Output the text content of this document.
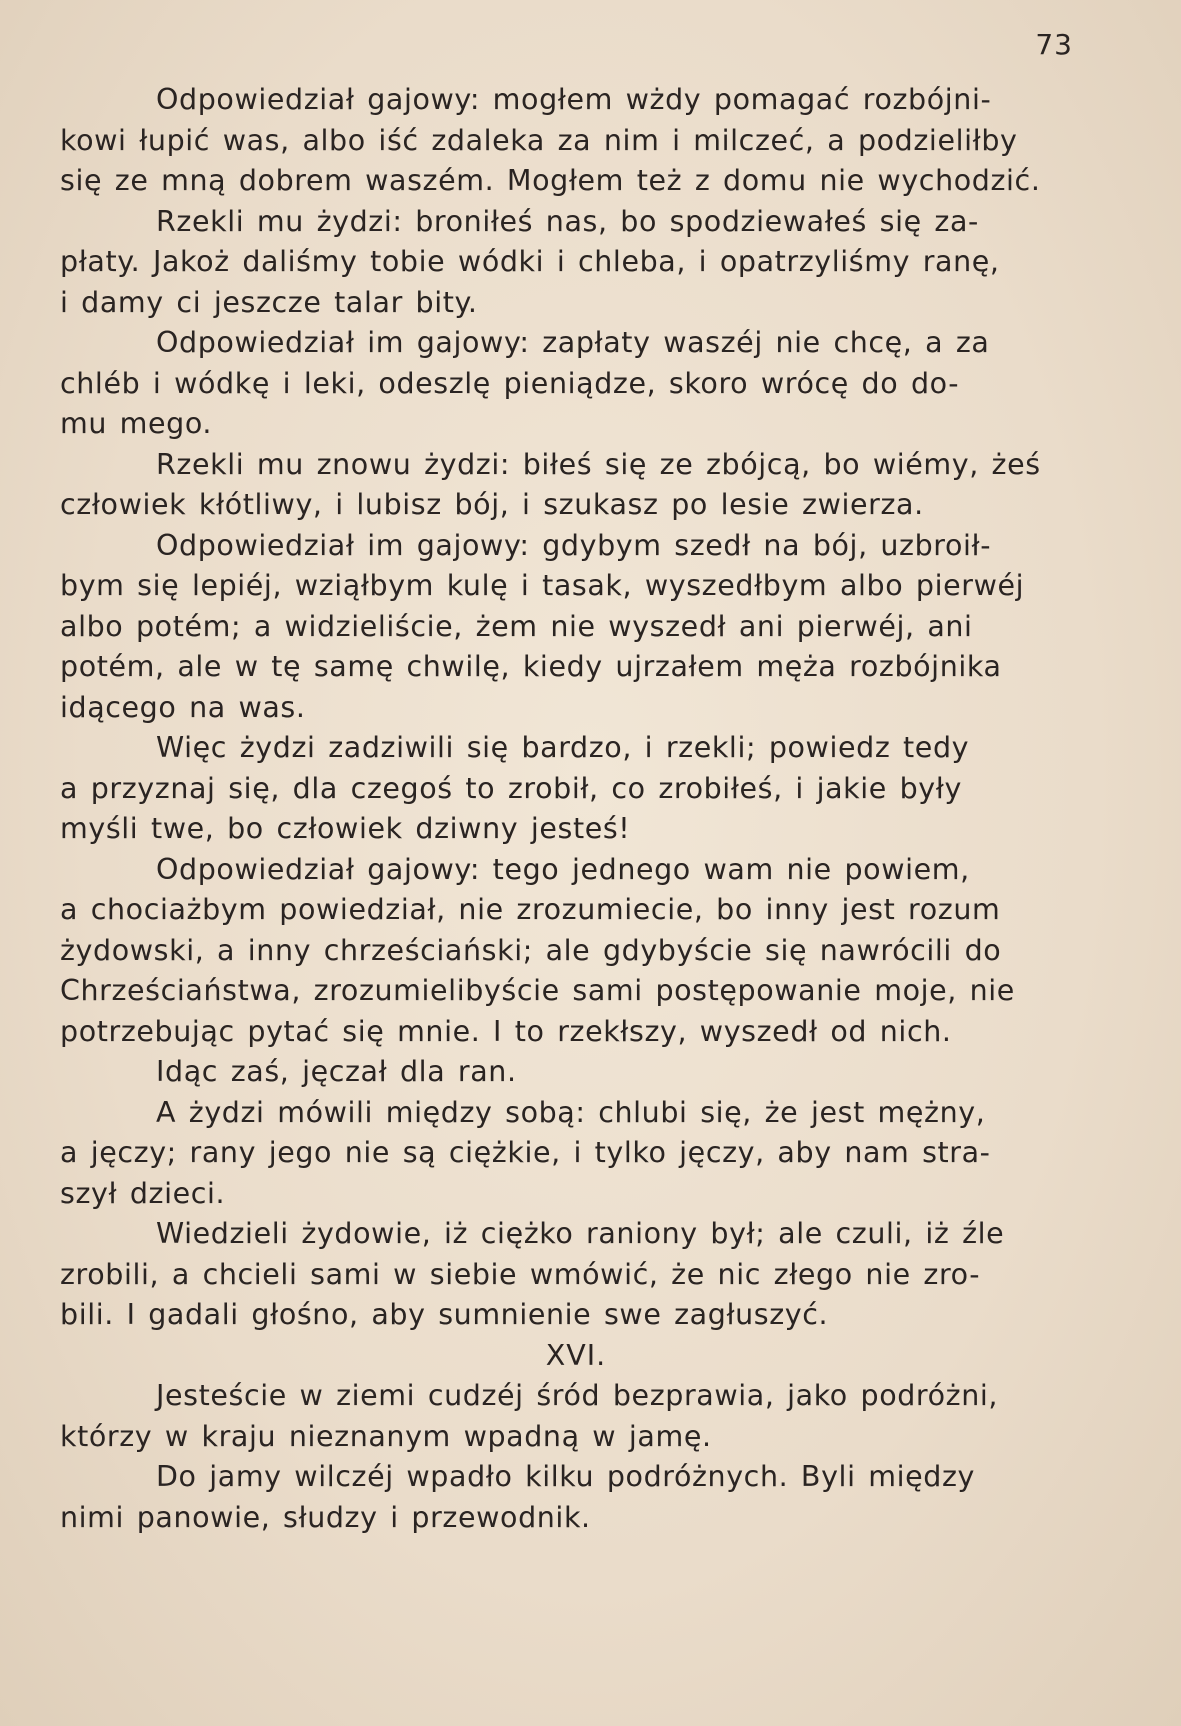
73

Odpowiedział gajowy: mogłem wżdy pomagać rozbójni-
kowi łupić was, albo iść zdaleka za nim i milczeć, a podzieliłby
się ze mną dobrem waszém. Mogłem też z domu nie wychodzić.

Rzekli mu żydzi: broniłeś nas, bo spodziewałeś się za-
płaty. Jakoż daliśmy tobie wódki i chleba, i opatrzyliśmy ranę,
i damy ci jeszcze talar bity.

Odpowiedział im gajowy: zapłaty waszéj nie chcę, a za
chléb i wódkę i leki, odeszlę pieniądze, skoro wrócę do do-
mu mego.

Rzekli mu znowu żydzi: biłeś się ze zbójcą, bo wiémy, żeś
człowiek kłótliwy, i lubisz bój, i szukasz po lesie zwierza.

Odpowiedział im gajowy: gdybym szedł na bój, uzbroił-
bym się lepiéj, wziąłbym kulę i tasak, wyszedłbym albo pierwéj
albo potém; a widzieliście, żem nie wyszedł ani pierwéj, ani
potém, ale w tę samę chwilę, kiedy ujrzałem męża rozbójnika
idącego na was.

Więc żydzi zadziwili się bardzo, i rzekli; powiedz tedy
a przyznaj się, dla czegoś to zrobił, co zrobiłeś, i jakie były
myśli twe, bo człowiek dziwny jesteś!

Odpowiedział gajowy: tego jednego wam nie powiem,
a chociażbym powiedział, nie zrozumiecie, bo inny jest rozum
żydowski, a inny chrześciański; ale gdybyście się nawrócili do
Chrześciaństwa, zrozumielibyście sami postępowanie moje, nie
potrzebując pytać się mnie. I to rzekłszy, wyszedł od nich.

Idąc zaś, jęczał dla ran.

A żydzi mówili między sobą: chlubi się, że jest mężny,
a jęczy; rany jego nie są ciężkie, i tylko jęczy, aby nam stra-
szył dzieci.

Wiedzieli żydowie, iż ciężko raniony był; ale czuli, iż źle
zrobili, a chcieli sami w siebie wmówić, że nic złego nie zro-
bili. I gadali głośno, aby sumnienie swe zagłuszyć.

XVI.

Jesteście w ziemi cudzéj śród bezprawia, jako podróżni,
którzy w kraju nieznanym wpadną w jamę.

Do jamy wilczéj wpadło kilku podróżnych. Byli między
nimi panowie, słudzy i przewodnik.
